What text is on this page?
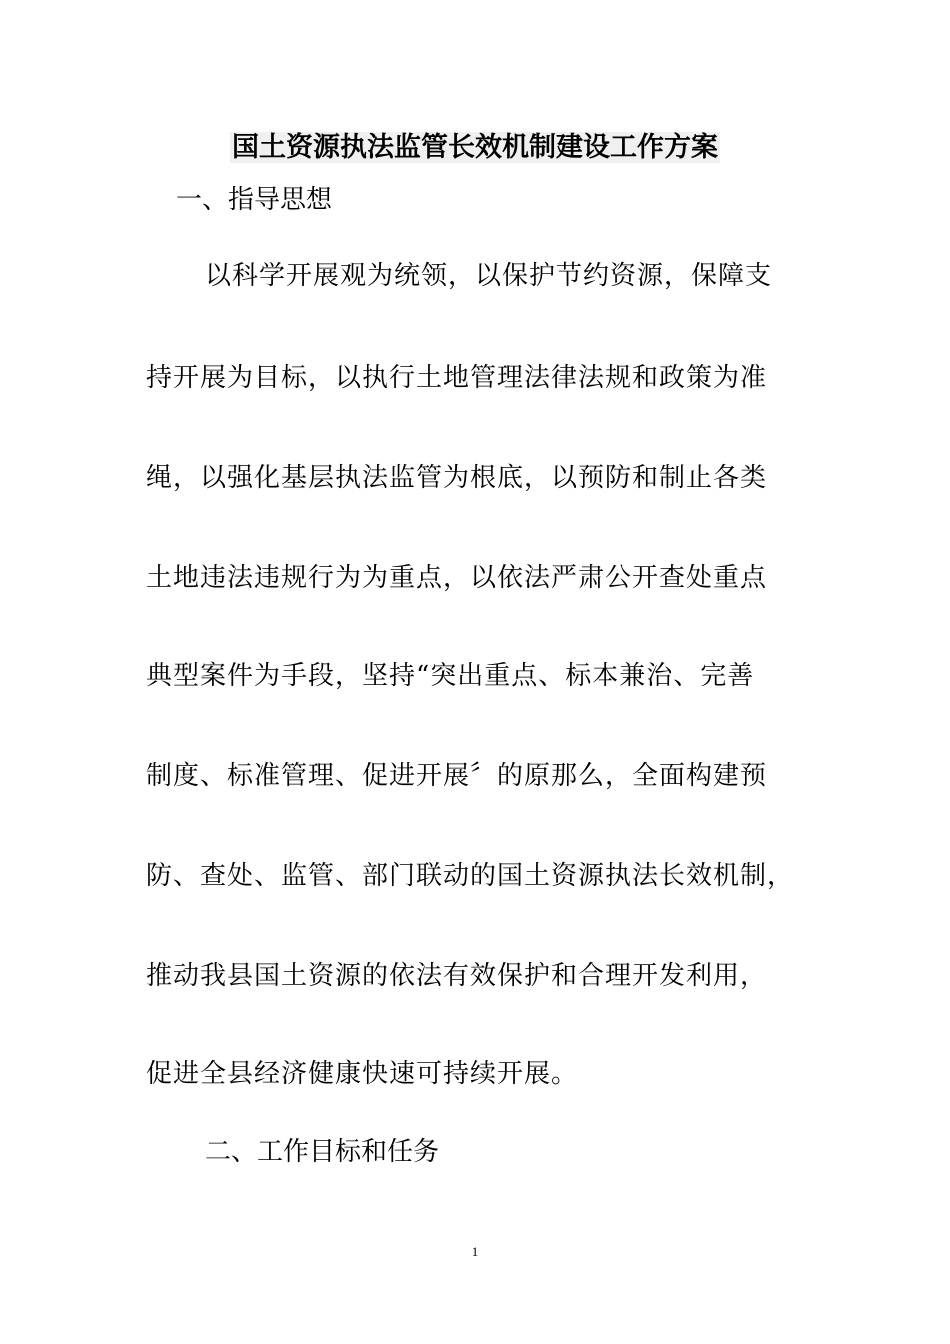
国土资源执法监管长效机制建设工作方案
一、指导思想
以科学开展观为统领，以保护节约资源，保障支
持开展为目标，以执行土地管理法律法规和政策为准
绳，以强化基层执法监管为根底，以预防和制止各类
土地违法违规行为为重点，以依法严肃公开查处重点
典型案件为手段，坚持“突出重点、标本兼治、完善
制度、标准管理、促进开展〞的原那么，全面构建预
防、查处、监管、部门联动的国土资源执法长效机制，
推动我县国土资源的依法有效保护和合理开发利用，
促进全县经济健康快速可持续开展。
二、工作目标和任务
1
